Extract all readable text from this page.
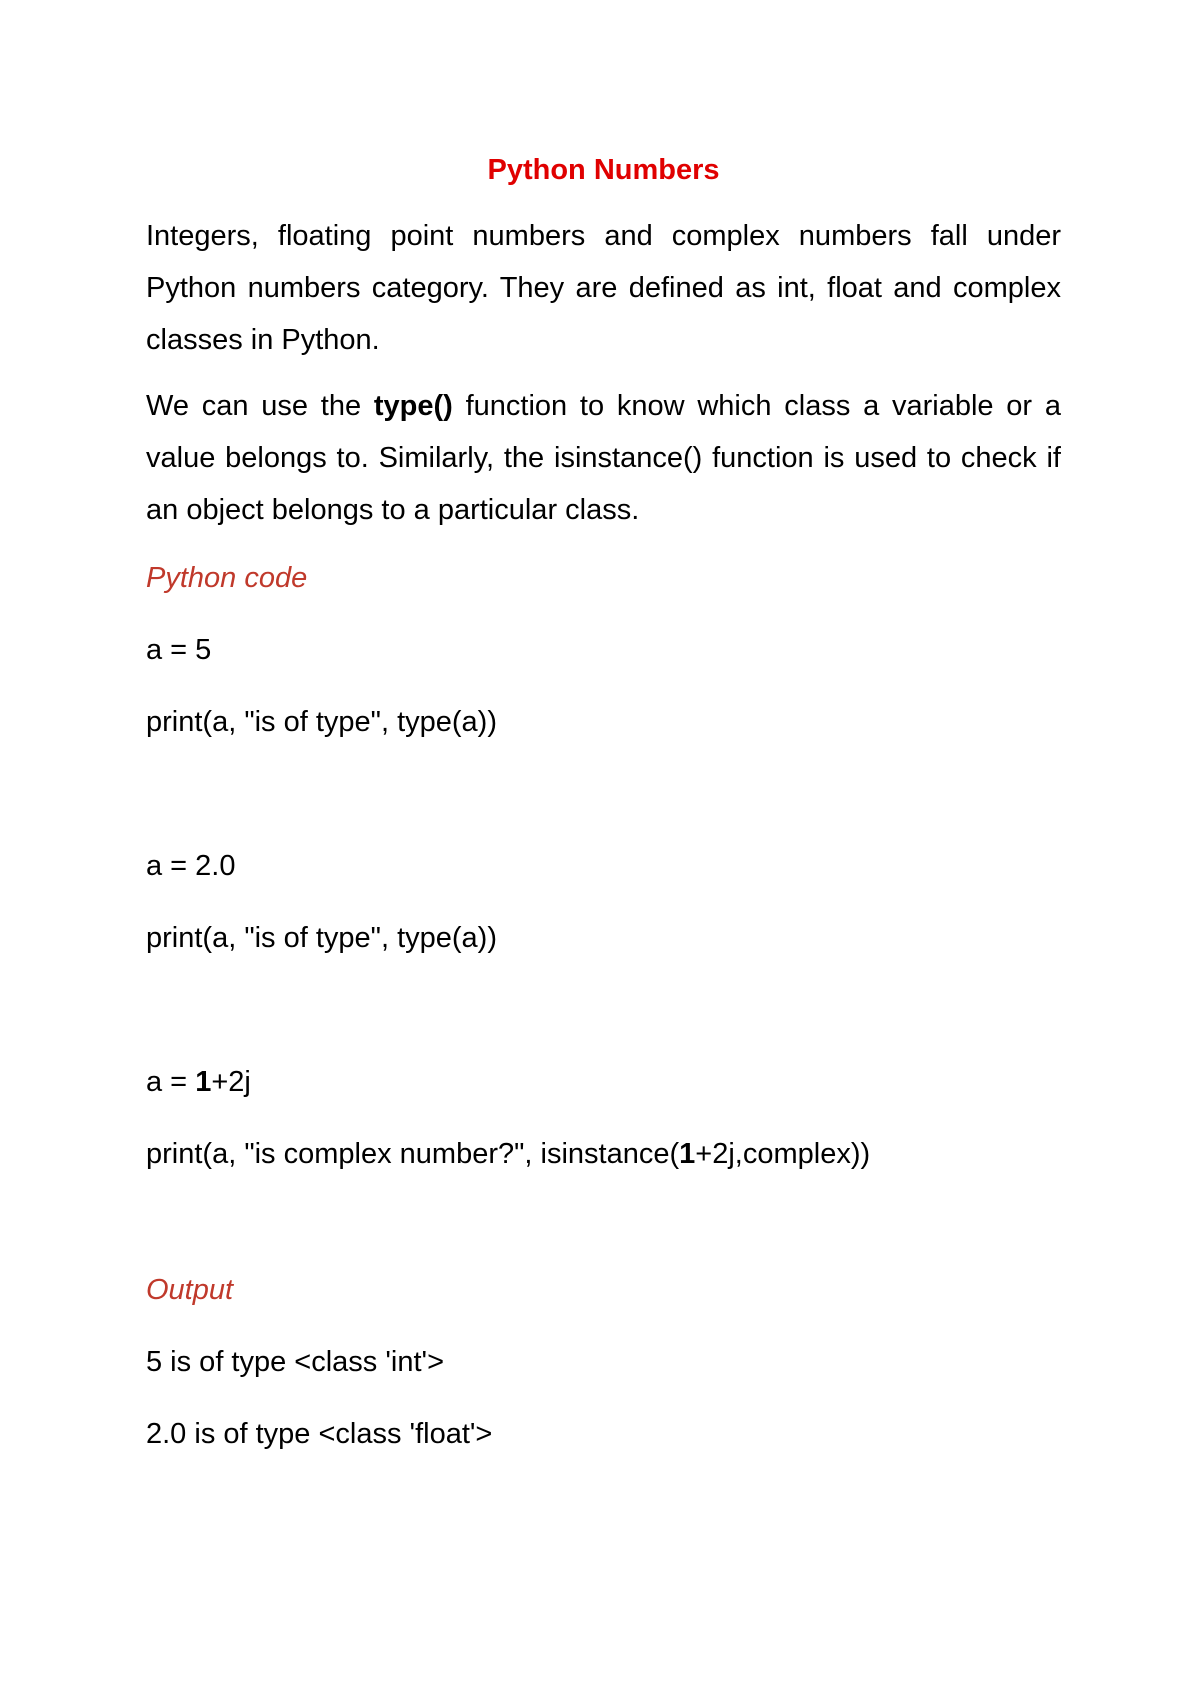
Python Numbers

Integers, floating point numbers and complex numbers fall under Python numbers category. They are defined as int, float and complex classes in Python.

We can use the type() function to know which class a variable or a value belongs to. Similarly, the isinstance() function is used to check if an object belongs to a particular class.

Python code
a = 5
print(a, "is of type", type(a))
a = 2.0
print(a, "is of type", type(a))
a = 1+2j
print(a, "is complex number?", isinstance(1+2j,complex))
Output
5 is of type <class 'int'>
2.0 is of type <class 'float'>
